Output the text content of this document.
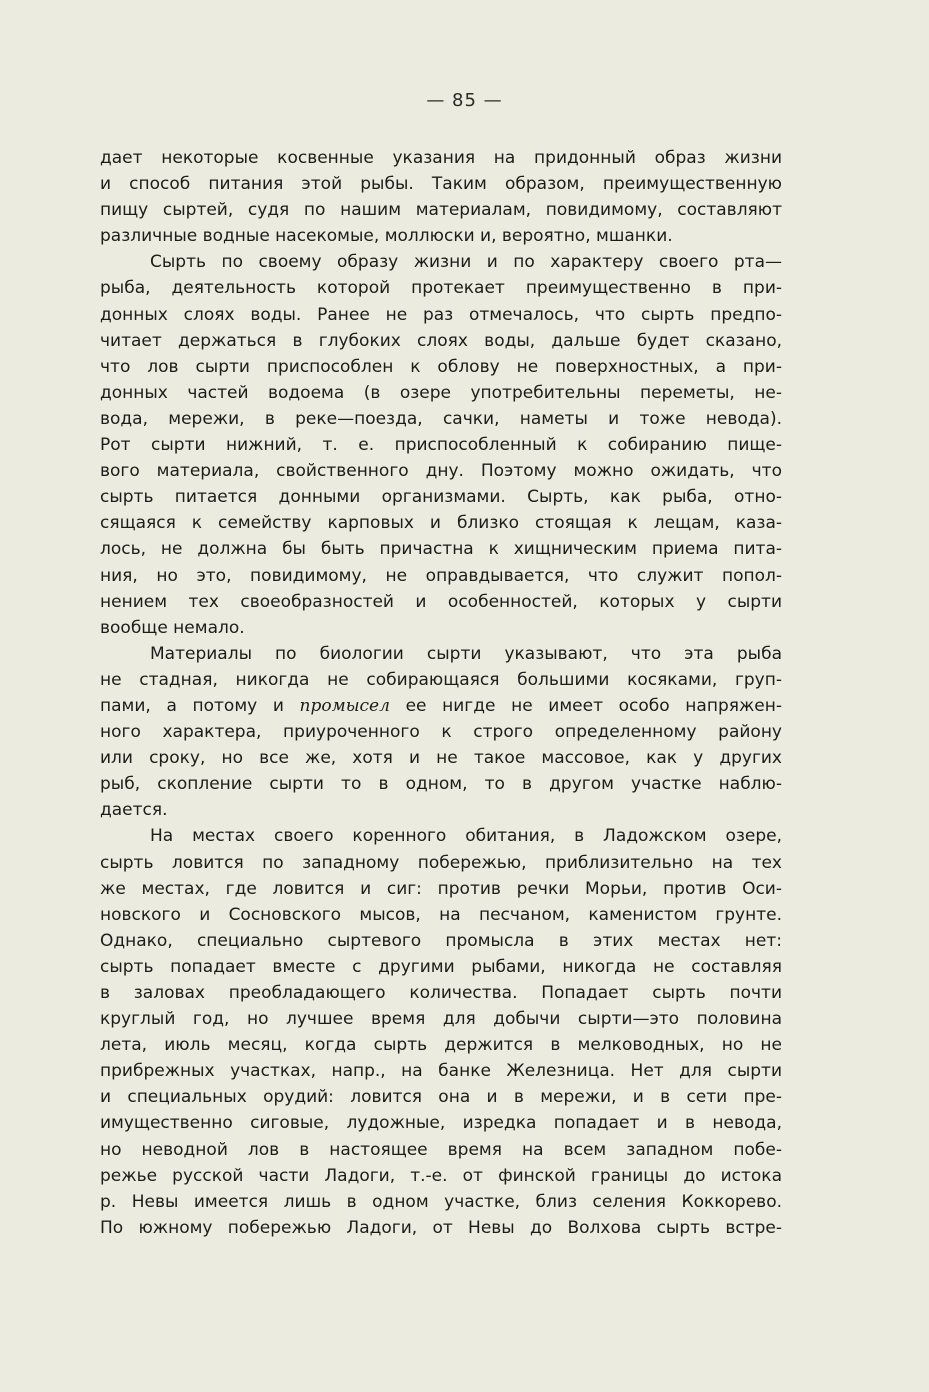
— 85 —
дает некоторые косвенные указания на придонный образ жизни
и способ питания этой рыбы. Таким образом, преимущественную
пищу сыртей, судя по нашим материалам, повидимому, составляют
различные водные насекомые, моллюски и, вероятно, мшанки.
Сырть по своему образу жизни и по характеру своего рта—
рыба, деятельность которой протекает преимущественно в при-
донных слоях воды. Ранее не раз отмечалось, что сырть предпо-
читает держаться в глубоких слоях воды, дальше будет сказано,
что лов сырти приспособлен к облову не поверхностных, а при-
донных частей водоема (в озере употребительны переметы, не-
вода, мережи, в реке—поезда, сачки, наметы и тоже невода).
Рот сырти нижний, т. е. приспособленный к собиранию пище-
вого материала, свойственного дну. Поэтому можно ожидать, что
сырть питается донными организмами. Сырть, как рыба, отно-
сящаяся к семейству карповых и близко стоящая к лещам, каза-
лось, не должна бы быть причастна к хищническим приема пита-
ния, но это, повидимому, не оправдывается, что служит попол-
нением тех своеобразностей и особенностей, которых у сырти
вообще немало.
Материалы по биологии сырти указывают, что эта рыба
не стадная, никогда не собирающаяся большими косяками, груп-
пами, а потому и промысел ее нигде не имеет особо напряжен-
ного характера, приуроченного к строго определенному району
или сроку, но все же, хотя и не такое массовое, как у других
рыб, скопление сырти то в одном, то в другом участке наблю-
дается.
На местах своего коренного обитания, в Ладожском озере,
сырть ловится по западному побережью, приблизительно на тех
же местах, где ловится и сиг: против речки Морьи, против Оси-
новского и Сосновского мысов, на песчаном, каменистом грунте.
Однако, специально сыртевого промысла в этих местах нет:
сырть попадает вместе с другими рыбами, никогда не составляя
в заловах преобладающего количества. Попадает сырть почти
круглый год, но лучшее время для добычи сырти—это половина
лета, июль месяц, когда сырть держится в мелководных, но не
прибрежных участках, напр., на банке Железница. Нет для сырти
и специальных орудий: ловится она и в мережи, и в сети пре-
имущественно сиговые, лудожные, изредка попадает и в невода,
но неводной лов в настоящее время на всем западном побе-
режье русской части Ладоги, т.-е. от финской границы до истока
р. Невы имеется лишь в одном участке, близ селения Коккорево.
По южному побережью Ладоги, от Невы до Волхова сырть встре-
